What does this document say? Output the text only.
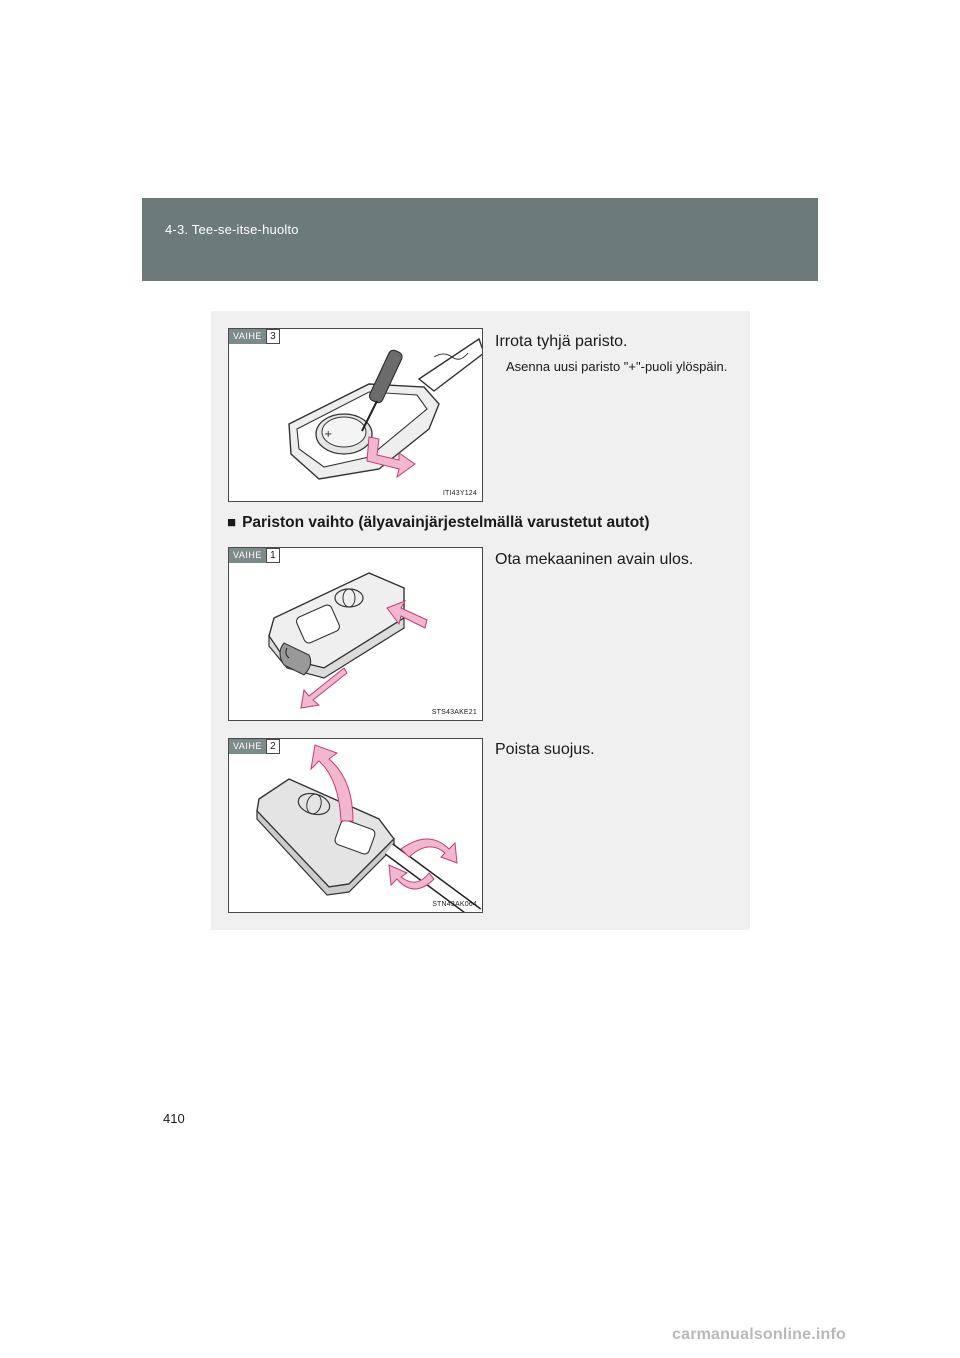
4-3. Tee-se-itse-huolto
+
VAIHE 3
ITI43Y124
Irrota tyhjä paristo.
Asenna uusi paristo "+"-puoli ylöspäin.
■ Pariston vaihto (älyavainjärjestelmällä varustetut autot)
VAIHE 1
STS43AKE21
Ota mekaaninen avain ulos.
VAIHE 2
STN43AK064
Poista suojus.
410
carmanualsonline.info
